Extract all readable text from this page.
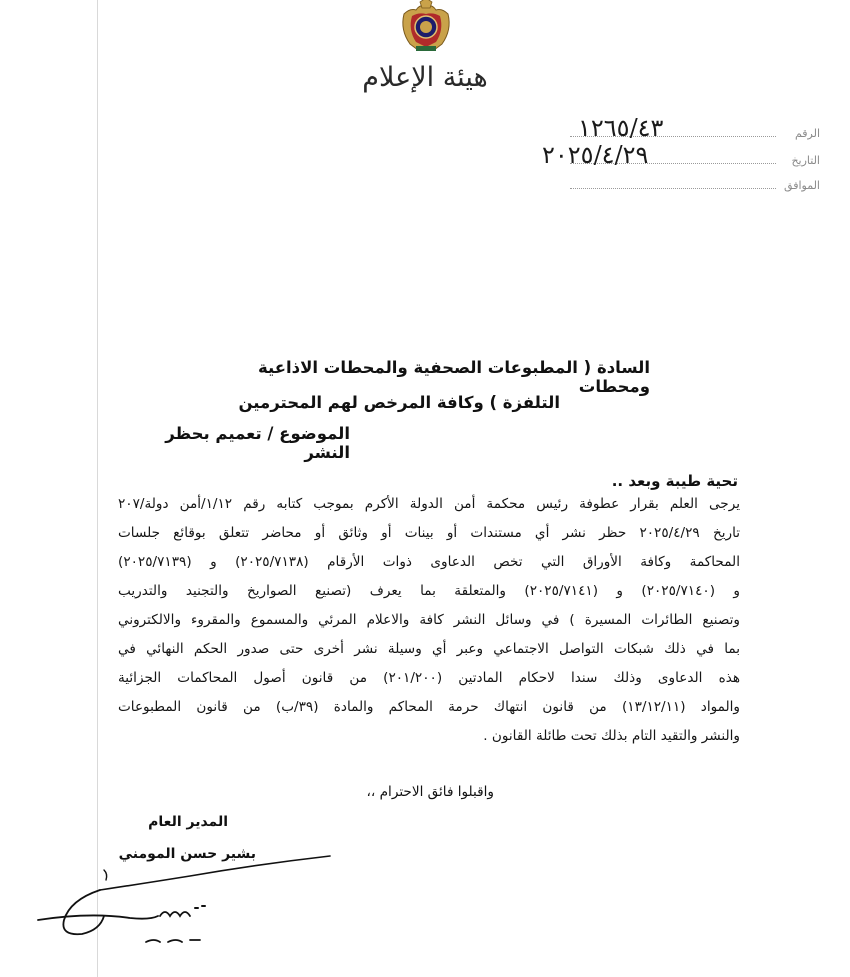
هيئة الإعلام
الرقم
١٢٦٥/٤٣
التاريخ
٢٠٢٥/٤/٢٩
الموافق
السادة ( المطبوعات الصحفية والمحطات الاذاعية ومحطات
التلفزة ) وكافة المرخص لهم المحترمين
الموضوع / تعميم بحظر النشر
تحية طيبة وبعد ..
يرجى العلم بقرار عطوفة رئيس محكمة أمن الدولة الأكرم بموجب كتابه رقم ١/١٢/أمن دولة/٢٠٧
تاريخ ٢٠٢٥/٤/٢٩ حظر نشر أي مستندات أو بينات أو وثائق أو محاضر تتعلق بوقائع جلسات
المحاكمة وكافة الأوراق التي تخص الدعاوى ذوات الأرقام (٢٠٢٥/٧١٣٨) و (٢٠٢٥/٧١٣٩)
و (٢٠٢٥/٧١٤٠) و (٢٠٢٥/٧١٤١) والمتعلقة بما يعرف (تصنيع الصواريخ والتجنيد والتدريب
وتصنيع الطائرات المسيرة ) في وسائل النشر كافة والاعلام المرئي والمسموع والمقروء والالكتروني
بما في ذلك شبكات التواصل الاجتماعي وعبر أي وسيلة نشر أخرى حتى صدور الحكم النهائي في
هذه الدعاوى وذلك سندا لاحكام المادتين (٢٠١/٢٠٠) من قانون أصول المحاكمات الجزائية
والمواد (١٣/١٢/١١) من قانون انتهاك حرمة المحاكم والمادة (٣٩/ب) من قانون المطبوعات
والنشر والتقيد التام بذلك تحت طائلة القانون .
واقبلوا فائق الاحترام ،،
المدير العام
بشير حسن المومني
